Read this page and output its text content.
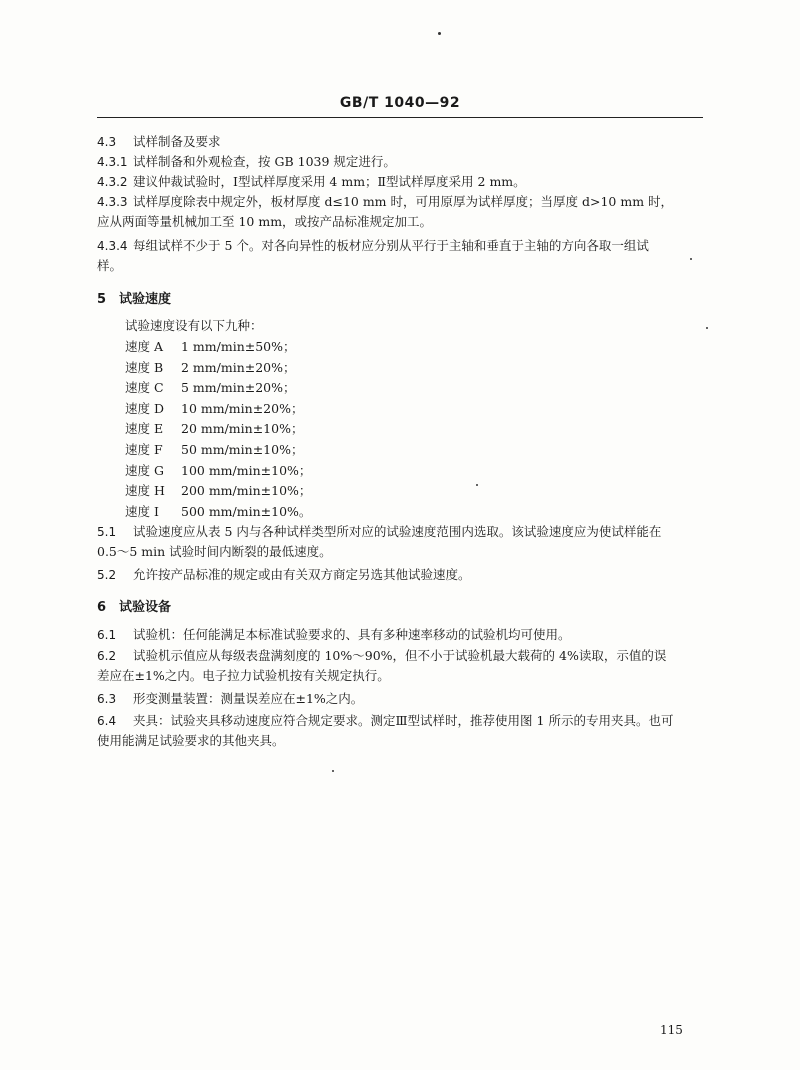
GB/T 1040—92

4.3 试样制备及要求

4.3.1 试样制备和外观检查，按 GB 1039 规定进行。

4.3.2 建议仲裁试验时，Ⅰ型试样厚度采用 4 mm；Ⅱ型试样厚度采用 2 mm。

4.3.3 试样厚度除表中规定外，板材厚度 d≤10 mm 时，可用原厚为试样厚度；当厚度 d>10 mm 时，
应从两面等量机械加工至 10 mm，或按产品标准规定加工。

4.3.4 每组试样不少于 5 个。对各向异性的板材应分别从平行于主轴和垂直于主轴的方向各取一组试
样。

5 试验速度

试验速度设有以下九种：

速度 A 1 mm/min±50%；
速度 B 2 mm/min±20%；
速度 C 5 mm/min±20%；
速度 D 10 mm/min±20%；
速度 E 20 mm/min±10%；
速度 F 50 mm/min±10%；
速度 G 100 mm/min±10%；
速度 H 200 mm/min±10%；
速度 I 500 mm/min±10%。

5.1 试验速度应从表 5 内与各种试样类型所对应的试验速度范围内选取。该试验速度应为使试样能在
0.5～5 min 试验时间内断裂的最低速度。

5.2 允许按产品标准的规定或由有关双方商定另选其他试验速度。

6 试验设备

6.1 试验机：任何能满足本标准试验要求的、具有多种速率移动的试验机均可使用。

6.2 试验机示值应从每级表盘满刻度的 10%～90%，但不小于试验机最大载荷的 4%读取，示值的误
差应在±1%之内。电子拉力试验机按有关规定执行。

6.3 形变测量装置：测量误差应在±1%之内。

6.4 夹具：试验夹具移动速度应符合规定要求。测定Ⅲ型试样时，推荐使用图 1 所示的专用夹具。也可
使用能满足试验要求的其他夹具。

115
